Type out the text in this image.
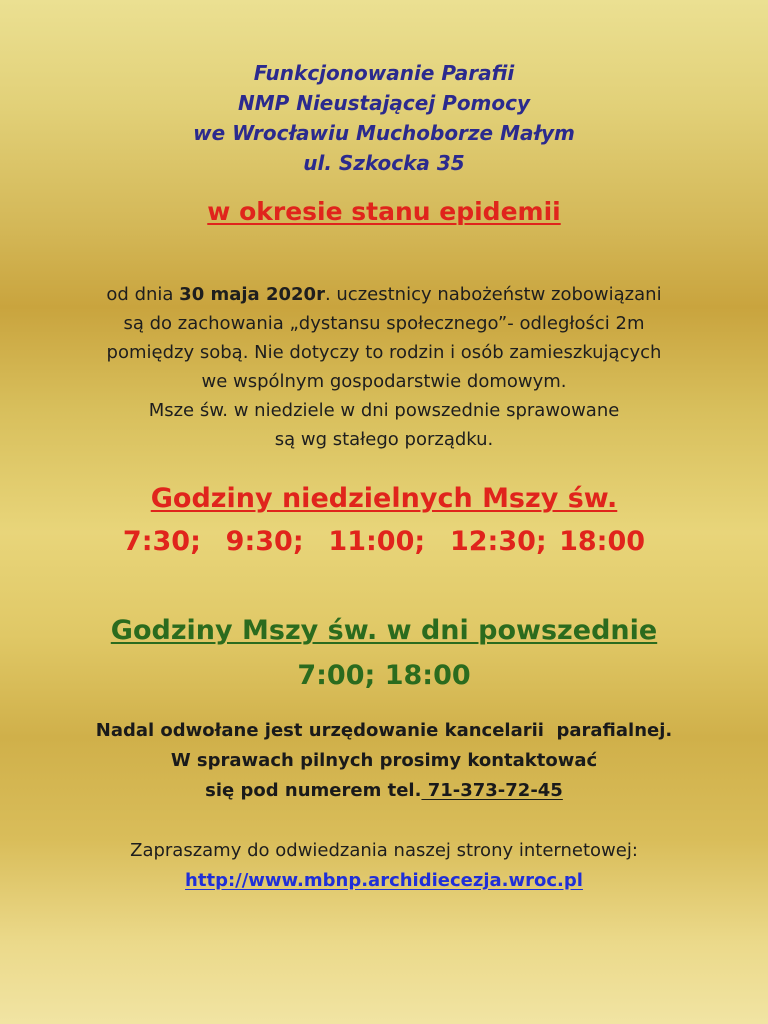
Funkcjonowanie Parafii
NMP Nieustającej Pomocy
we Wrocławiu Muchoborze Małym
ul. Szkocka 35
w okresie stanu epidemii
od dnia 30 maja 2020r. uczestnicy nabożeństw zobowiązani
są do zachowania „dystansu społecznego”- odległości 2m
pomiędzy sobą. Nie dotyczy to rodzin i osób zamieszkujących
we wspólnym gospodarstwie domowym.
Msze św. w niedziele w dni powszednie sprawowane
są wg stałego porządku.
Godziny niedzielnych Mszy św.
7:30;  9:30;  11:00;  12:30; 18:00
Godziny Mszy św. w dni powszednie
7:00; 18:00
Nadal odwołane jest urzędowanie kancelarii  parafialnej.
W sprawach pilnych prosimy kontaktować
się pod numerem tel. 71-373-72-45
Zapraszamy do odwiedzania naszej strony internetowej:
http://www.mbnp.archidiecezja.wroc.pl
